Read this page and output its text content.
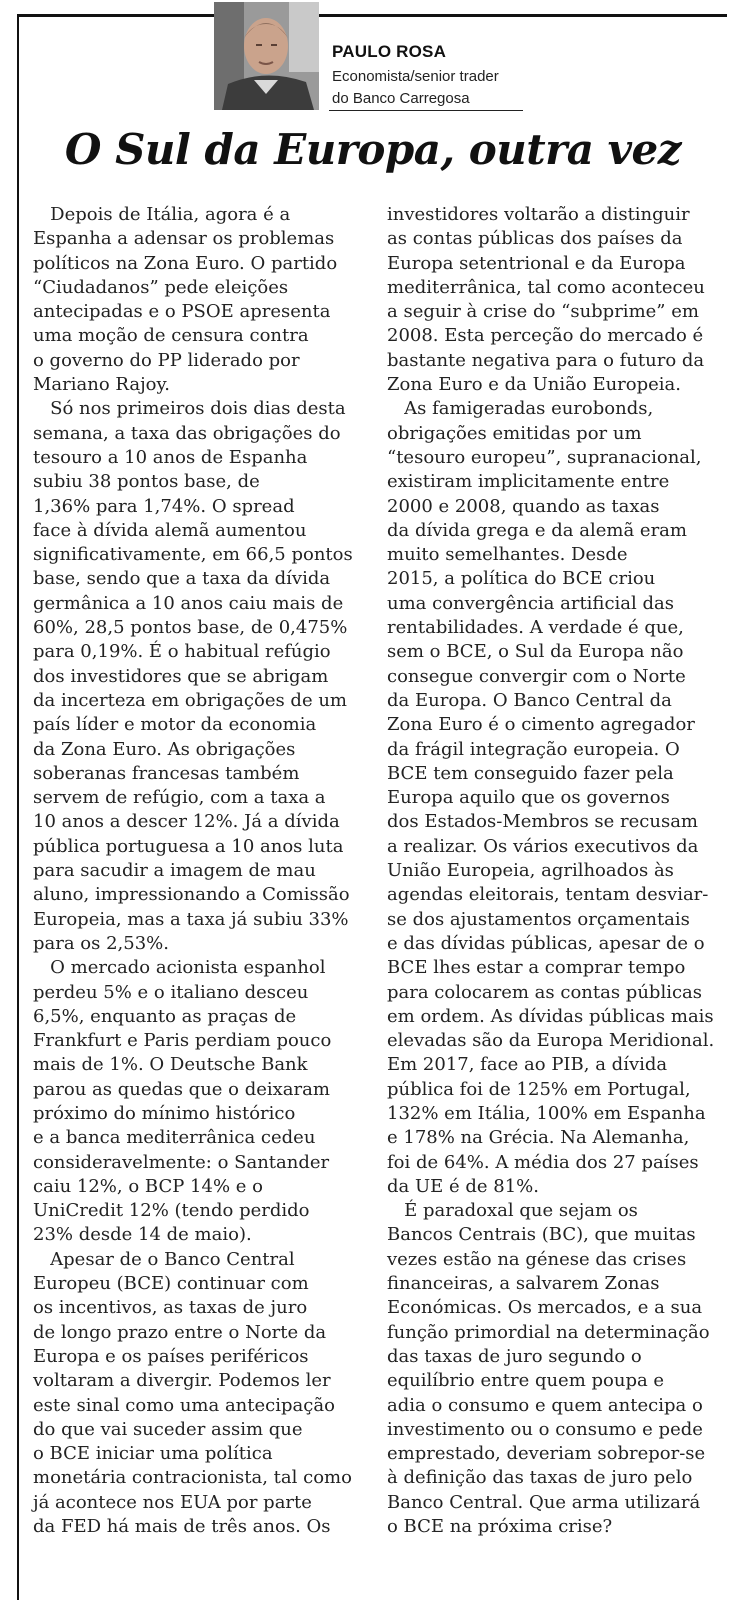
PAULO ROSA
Economista/senior trader
do Banco Carregosa
O Sul da Europa, outra vez

Depois de Itália, agora é a
Espanha a adensar os problemas
políticos na Zona Euro. O partido
“Ciudadanos” pede eleições
antecipadas e o PSOE apresenta
uma moção de censura contra
o governo do PP liderado por
Mariano Rajoy.

Só nos primeiros dois dias desta
semana, a taxa das obrigações do
tesouro a 10 anos de Espanha
subiu 38 pontos base, de
1,36% para 1,74%. O spread
face à dívida alemã aumentou
significativamente, em 66,5 pontos
base, sendo que a taxa da dívida
germânica a 10 anos caiu mais de
60%, 28,5 pontos base, de 0,475%
para 0,19%. É o habitual refúgio
dos investidores que se abrigam
da incerteza em obrigações de um
país líder e motor da economia
da Zona Euro. As obrigações
soberanas francesas também
servem de refúgio, com a taxa a
10 anos a descer 12%. Já a dívida
pública portuguesa a 10 anos luta
para sacudir a imagem de mau
aluno, impressionando a Comissão
Europeia, mas a taxa já subiu 33%
para os 2,53%.

O mercado acionista espanhol
perdeu 5% e o italiano desceu
6,5%, enquanto as praças de
Frankfurt e Paris perdiam pouco
mais de 1%. O Deutsche Bank
parou as quedas que o deixaram
próximo do mínimo histórico
e a banca mediterrânica cedeu
consideravelmente: o Santander
caiu 12%, o BCP 14% e o
UniCredit 12% (tendo perdido
23% desde 14 de maio).

Apesar de o Banco Central
Europeu (BCE) continuar com
os incentivos, as taxas de juro
de longo prazo entre o Norte da
Europa e os países periféricos
voltaram a divergir. Podemos ler
este sinal como uma antecipação
do que vai suceder assim que
o BCE iniciar uma política
monetária contracionista, tal como
já acontece nos EUA por parte
da FED há mais de três anos. Os

investidores voltarão a distinguir
as contas públicas dos países da
Europa setentrional e da Europa
mediterrânica, tal como aconteceu
a seguir à crise do “subprime” em
2008. Esta perceção do mercado é
bastante negativa para o futuro da
Zona Euro e da União Europeia.

As famigeradas eurobonds,
obrigações emitidas por um
“tesouro europeu”, supranacional,
existiram implicitamente entre
2000 e 2008, quando as taxas
da dívida grega e da alemã eram
muito semelhantes. Desde
2015, a política do BCE criou
uma convergência artificial das
rentabilidades. A verdade é que,
sem o BCE, o Sul da Europa não
consegue convergir com o Norte
da Europa. O Banco Central da
Zona Euro é o cimento agregador
da frágil integração europeia. O
BCE tem conseguido fazer pela
Europa aquilo que os governos
dos Estados-Membros se recusam
a realizar. Os vários executivos da
União Europeia, agrilhoados às
agendas eleitorais, tentam desviar-
se dos ajustamentos orçamentais
e das dívidas públicas, apesar de o
BCE lhes estar a comprar tempo
para colocarem as contas públicas
em ordem. As dívidas públicas mais
elevadas são da Europa Meridional.
Em 2017, face ao PIB, a dívida
pública foi de 125% em Portugal,
132% em Itália, 100% em Espanha
e 178% na Grécia. Na Alemanha,
foi de 64%. A média dos 27 países
da UE é de 81%.

É paradoxal que sejam os
Bancos Centrais (BC), que muitas
vezes estão na génese das crises
financeiras, a salvarem Zonas
Económicas. Os mercados, e a sua
função primordial na determinação
das taxas de juro segundo o
equilíbrio entre quem poupa e
adia o consumo e quem antecipa o
investimento ou o consumo e pede
emprestado, deveriam sobrepor-se
à definição das taxas de juro pelo
Banco Central. Que arma utilizará
o BCE na próxima crise?
